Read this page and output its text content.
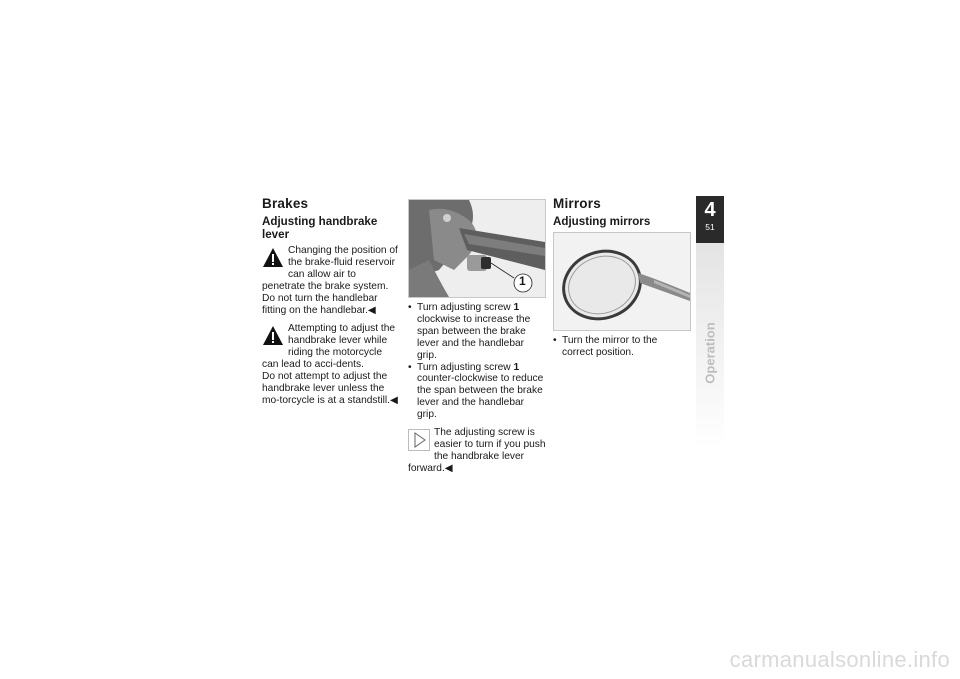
Brakes
Adjusting handbrake lever

Changing the position of the brake-fluid reservoir can allow air to penetrate the brake system.

Do not turn the handlebar fitting on the handlebar.◀

Attempting to adjust the handbrake lever while riding the motorcycle can lead to acci-dents.

Do not attempt to adjust the handbrake lever unless the mo-torcycle is at a standstill.◀

1
• Turn adjusting screw 1 clockwise to increase the span between the brake lever and the handlebar grip.
• Turn adjusting screw 1 counter-clockwise to reduce the span between the brake lever and the handlebar grip.

The adjusting screw is easier to turn if you push the handbrake lever forward.◀

Mirrors
Adjusting mirrors
• Turn the mirror to the correct position.
4
51
Operation
carmanualsonline.info
